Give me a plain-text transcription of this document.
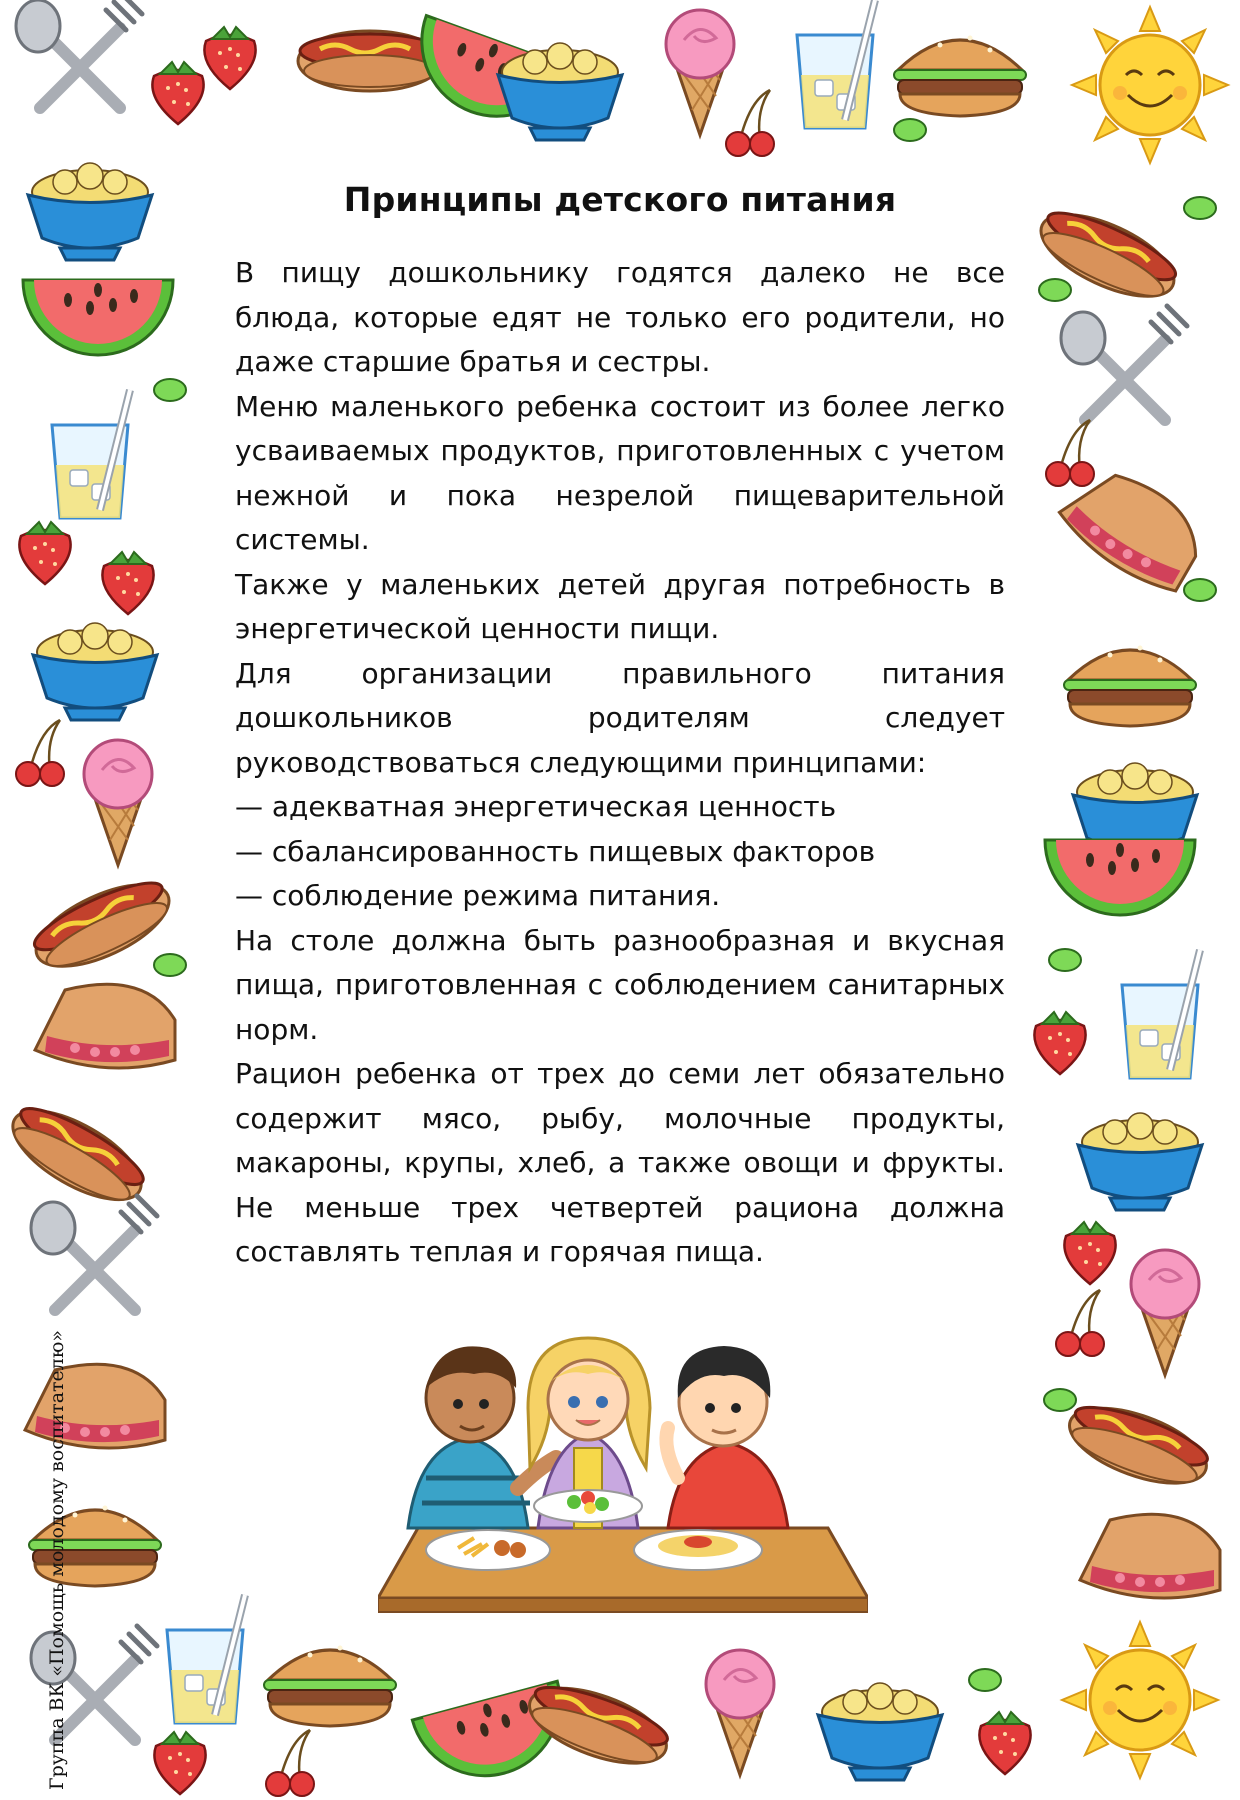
Принципы детского питания

В пищу дошкольнику годятся далеко не все блюда, которые едят не только его родители, но даже старшие братья и сестры.

Меню маленького ребенка состоит из более легко усваиваемых продуктов, приготовленных с учетом нежной и пока незрелой пищеварительной системы.

Также у маленьких детей другая потребность в энергетической ценности пищи.

Для организации правильного питания дошкольников родителям следует руководствоваться следующими принципами:

— адекватная энергетическая ценность

— сбалансированность пищевых факторов

— соблюдение режима питания.

На столе должна быть разнообразная и вкусная пища, приготовленная с соблюдением санитарных норм.

Рацион ребенка от трех до семи лет обязательно содержит мясо, рыбу, молочные продукты, макароны, крупы, хлеб, а также овощи и фрукты. Не меньше трех четвертей рациона должна составлять теплая и горячая пища.

Группа ВК «Помощь молодому воспитателю»
